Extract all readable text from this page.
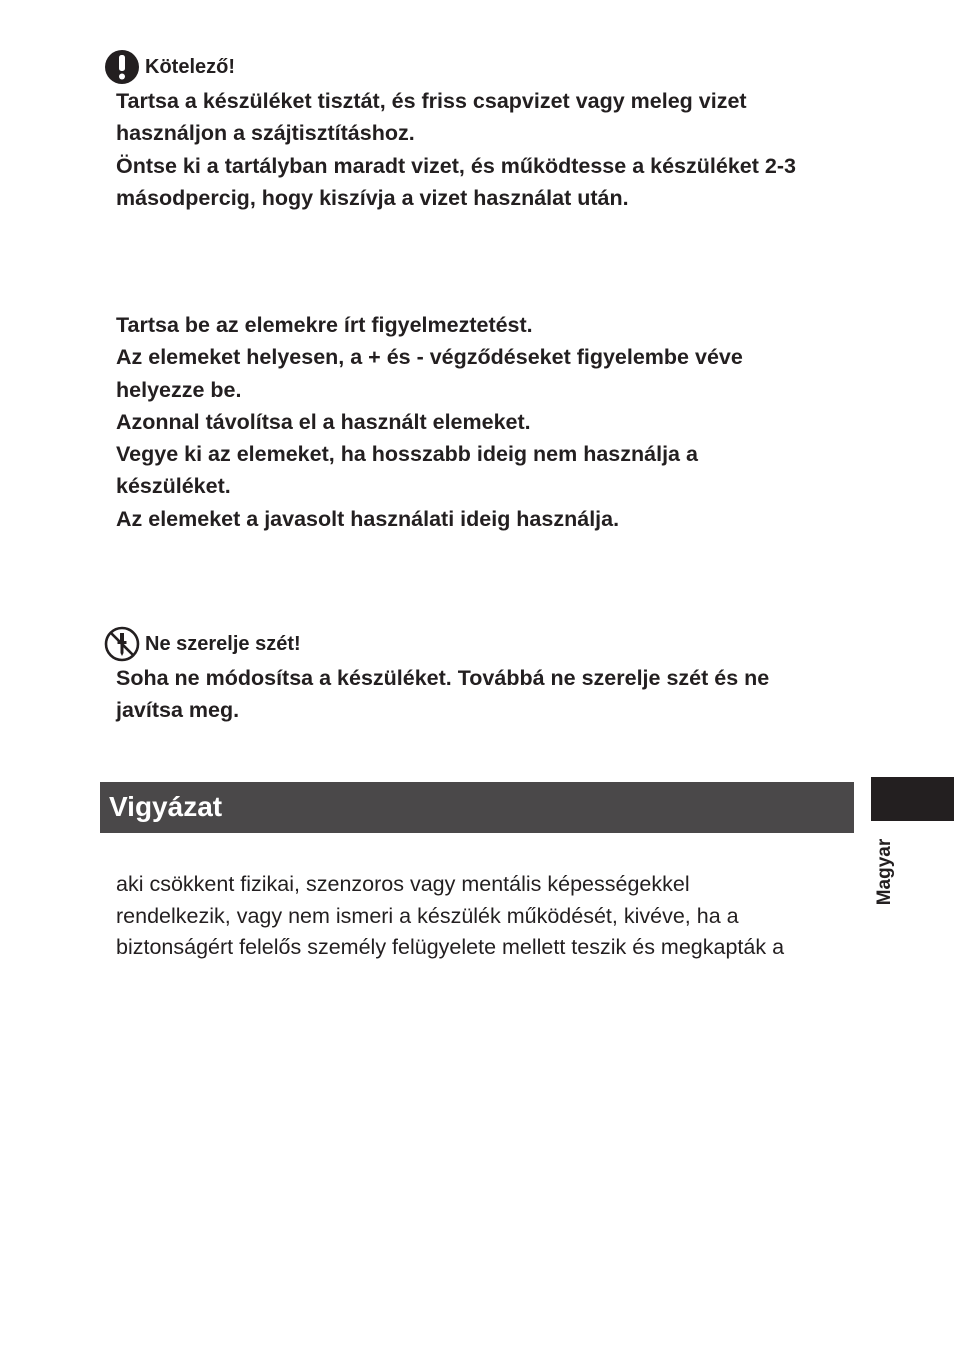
Kötelező!
Tartsa a készüléket tisztát, és friss csapvizet vagy meleg vizet
használjon a szájtisztításhoz.
Öntse ki a tartályban maradt vizet, és működtesse a készüléket 2-3
másodpercig, hogy kiszívja a vizet használat után.
Tartsa be az elemekre írt figyelmeztetést.
Az elemeket helyesen, a + és - végződéseket figyelembe véve
helyezze be.
Azonnal távolítsa el a használt elemeket.
Vegye ki az elemeket, ha hosszabb ideig nem használja a
készüléket.
Az elemeket a javasolt használati ideig használja.
Ne szerelje szét!
Soha ne módosítsa a készüléket. Továbbá ne szerelje szét és ne
javítsa meg.
Vigyázat
Magyar
aki csökkent fizikai, szenzoros vagy mentális képességekkel
rendelkezik, vagy nem ismeri a készülék működését, kivéve, ha a
biztonságért felelős személy felügyelete mellett teszik és megkapták a
